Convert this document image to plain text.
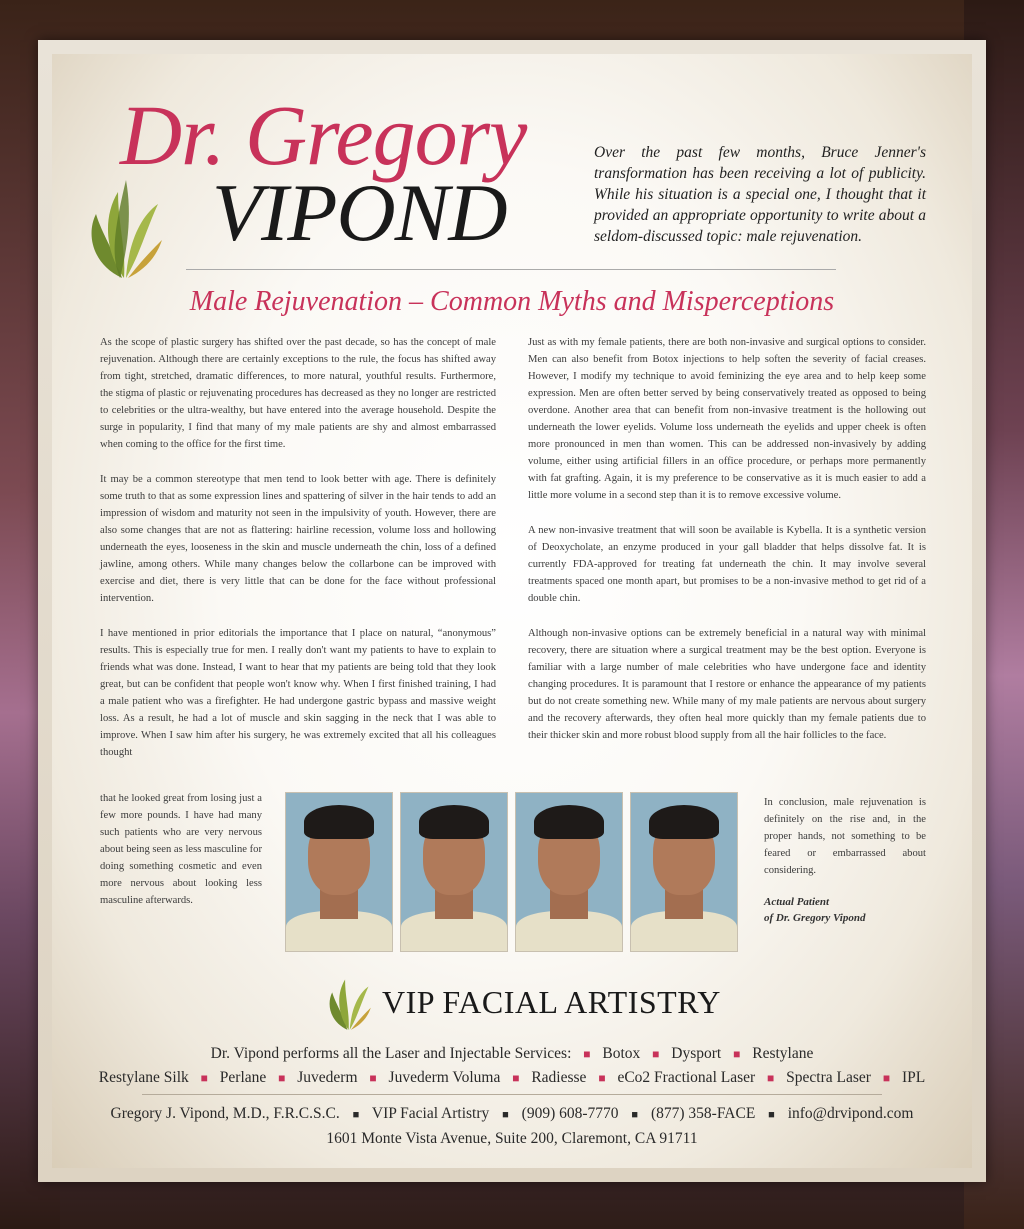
Dr. Gregory
VIPOND
Over the past few months, Bruce Jenner's transformation has been receiving a lot of publicity. While his situation is a special one, I thought that it provided an appropriate opportunity to write about a seldom-discussed topic: male rejuvenation.
Male Rejuvenation – Common Myths and Misperceptions

As the scope of plastic surgery has shifted over the past decade, so has the concept of male rejuvenation. Although there are certainly exceptions to the rule, the focus has shifted away from tight, stretched, dramatic differences, to more natural, youthful results. Furthermore, the stigma of plastic or rejuvenating procedures has decreased as they no longer are restricted to celebrities or the ultra-wealthy, but have entered into the average household. Despite the surge in popularity, I find that many of my male patients are shy and almost embarrassed when coming to the office for the first time.

It may be a common stereotype that men tend to look better with age. There is definitely some truth to that as some expression lines and spattering of silver in the hair tends to add an impression of wisdom and maturity not seen in the impulsivity of youth. However, there are also some changes that are not as flattering: hairline recession, volume loss and hollowing underneath the eyes, looseness in the skin and muscle underneath the chin, loss of a defined jawline, among others. While many changes below the collarbone can be improved with exercise and diet, there is very little that can be done for the face without professional intervention.

I have mentioned in prior editorials the importance that I place on natural, “anonymous” results. This is especially true for men. I really don't want my patients to have to explain to friends what was done. Instead, I want to hear that my patients are being told that they look great, but can be confident that people won't know why. When I first finished training, I had a male patient who was a firefighter. He had undergone gastric bypass and massive weight loss. As a result, he had a lot of muscle and skin sagging in the neck that I was able to improve. When I saw him after his surgery, he was extremely excited that all his colleagues thought

Just as with my female patients, there are both non-invasive and surgical options to consider. Men can also benefit from Botox injections to help soften the severity of facial creases. However, I modify my technique to avoid feminizing the eye area and to help keep some expression. Men are often better served by being conservatively treated as opposed to being overdone. Another area that can benefit from non-invasive treatment is the hollowing out underneath the lower eyelids. Volume loss underneath the eyelids and upper cheek is often more pronounced in men than women. This can be addressed non-invasively by adding volume, either using artificial fillers in an office procedure, or perhaps more permanently with fat grafting. Again, it is my preference to be conservative as it is much easier to add a little more volume in a second step than it is to remove excessive volume.

A new non-invasive treatment that will soon be available is Kybella. It is a synthetic version of Deoxycholate, an enzyme produced in your gall bladder that helps dissolve fat. It is currently FDA-approved for treating fat underneath the chin. It may involve several treatments spaced one month apart, but promises to be a non-invasive method to get rid of a double chin.

Although non-invasive options can be extremely beneficial in a natural way with minimal recovery, there are situation where a surgical treatment may be the best option. Everyone is familiar with a large number of male celebrities who have undergone face and identity changing procedures. It is paramount that I restore or enhance the appearance of my patients but do not create something new. While many of my male patients are nervous about surgery and the recovery afterwards, they often heal more quickly than my female patients due to their thicker skin and more robust blood supply from all the hair follicles to the face.

that he looked great from losing just a few more pounds. I have had many such patients who are very nervous about being seen as less masculine for doing something cosmetic and even more nervous about looking less masculine afterwards.
In conclusion, male rejuvenation is definitely on the rise and, in the proper hands, not something to be feared or embarrassed about considering.
Actual Patient
of Dr. Gregory Vipond
VIP FACIAL ARTISTRY
Dr. Vipond performs all the Laser and Injectable Services: ■ Botox ■ Dysport ■ Restylane
Restylane Silk ■ Perlane ■ Juvederm ■ Juvederm Voluma ■ Radiesse ■ eCo2 Fractional Laser ■ Spectra Laser ■ IPL
Gregory J. Vipond, M.D., F.R.C.S.C. ■ VIP Facial Artistry ■ (909) 608-7770 ■ (877) 358-FACE ■ info@drvipond.com
1601 Monte Vista Avenue, Suite 200, Claremont, CA 91711
